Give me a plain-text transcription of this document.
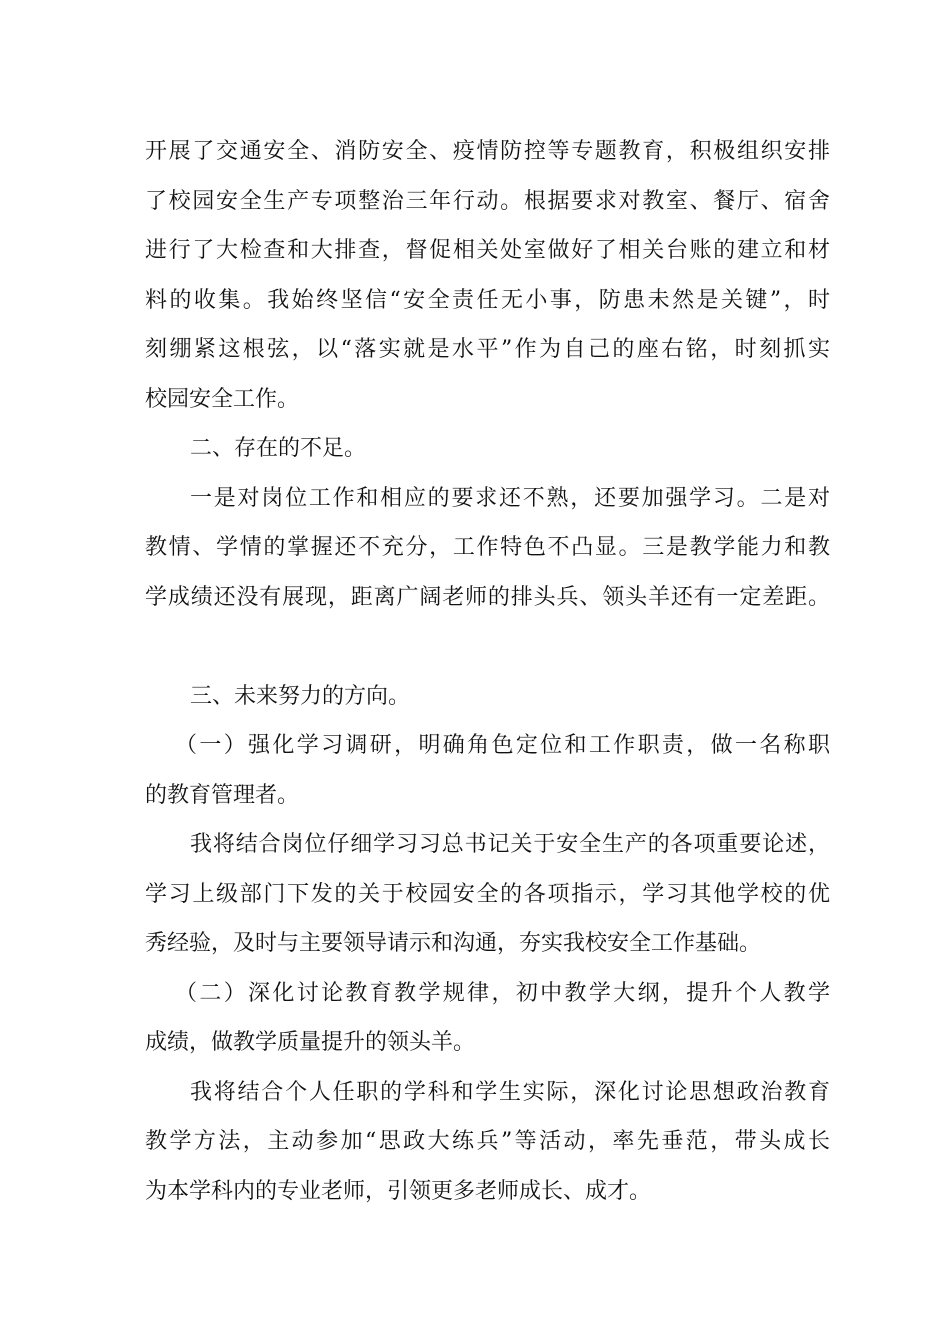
开展了交通安全、消防安全、疫情防控等专题教育，积极组织安排
了校园安全生产专项整治三年行动。根据要求对教室、餐厅、宿舍
进行了大检查和大排查，督促相关处室做好了相关台账的建立和材
料的收集。我始终坚信“安全责任无小事，防患未然是关键”，时
刻绷紧这根弦，以“落实就是水平”作为自己的座右铭，时刻抓实
校园安全工作。
二、存在的不足。
一是对岗位工作和相应的要求还不熟，还要加强学习。二是对
教情、学情的掌握还不充分，工作特色不凸显。三是教学能力和教
学成绩还没有展现，距离广阔老师的排头兵、领头羊还有一定差距。
三、未来努力的方向。
（一）强化学习调研，明确角色定位和工作职责，做一名称职
的教育管理者。
我将结合岗位仔细学习习总书记关于安全生产的各项重要论述，
学习上级部门下发的关于校园安全的各项指示，学习其他学校的优
秀经验，及时与主要领导请示和沟通，夯实我校安全工作基础。
（二）深化讨论教育教学规律，初中教学大纲，提升个人教学
成绩，做教学质量提升的领头羊。
我将结合个人任职的学科和学生实际，深化讨论思想政治教育
教学方法，主动参加“思政大练兵”等活动，率先垂范，带头成长
为本学科内的专业老师，引领更多老师成长、成才。
